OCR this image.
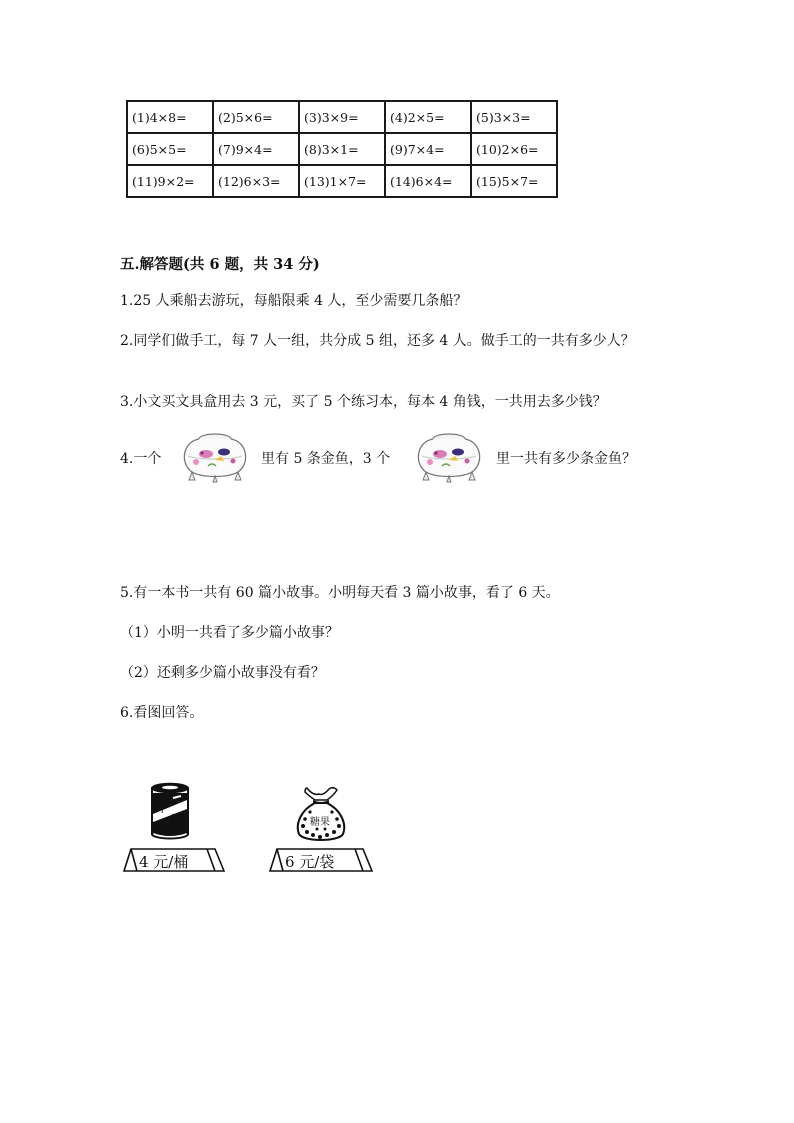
(1)4×8=	(2)5×6=	(3)3×9=	(4)2×5=	(5)3×3=
(6)5×5=	(7)9×4=	(8)3×1=	(9)7×4=	(10)2×6=
(11)9×2=	(12)6×3=	(13)1×7=	(14)6×4=	(15)5×7=
五.解答题(共 6 题，共 34 分)
1.25 人乘船去游玩，每船限乘 4 人，至少需要几条船？
2.同学们做手工，每 7 人一组，共分成 5 组，还多 4 人。做手工的一共有多少人？
3.小文买文具盒用去 3 元，买了 5 个练习本，每本 4 角钱，一共用去多少钱？
4.一个	里有 5 条金鱼，3 个	里一共有多少条金鱼？
5.有一本书一共有 60 篇小故事。小明每天看 3 篇小故事，看了 6 天。
（1）小明一共看了多少篇小故事？
（2）还剩多少篇小故事没有看？
6.看图回答。
可
乐	糖果
4 元/桶	6 元/袋
